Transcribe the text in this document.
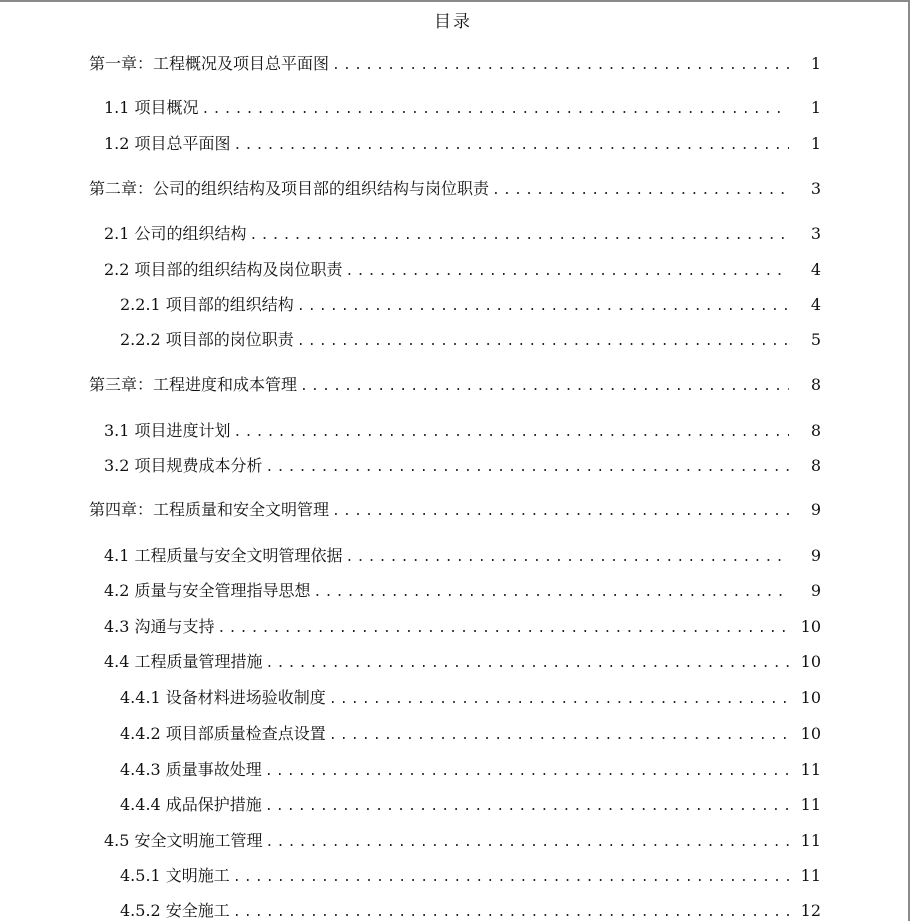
目录
第一章：工程概况及项目总平面图 .....	1
1.1 项目概况 .....	1
1.2 项目总平面图 .....	1
第二章：公司的组织结构及项目部的组织结构与岗位职责 .....	3
2.1 公司的组织结构 .....	3
2.2 项目部的组织结构及岗位职责 .....	4
2.2.1 项目部的组织结构 .....	4
2.2.2 项目部的岗位职责 .....	5
第三章：工程进度和成本管理 .....	8
3.1 项目进度计划 .....	8
3.2 项目规费成本分析 .....	8
第四章：工程质量和安全文明管理 .....	9
4.1 工程质量与安全文明管理依据 .....	9
4.2 质量与安全管理指导思想 .....	9
4.3 沟通与支持 .....	10
4.4 工程质量管理措施 .....	10
4.4.1 设备材料进场验收制度 .....	10
4.4.2 项目部质量检查点设置 .....	10
4.4.3 质量事故处理 .....	11
4.4.4 成品保护措施 .....	11
4.5 安全文明施工管理 .....	11
4.5.1 文明施工 .....	11
4.5.2 安全施工 .....	12
